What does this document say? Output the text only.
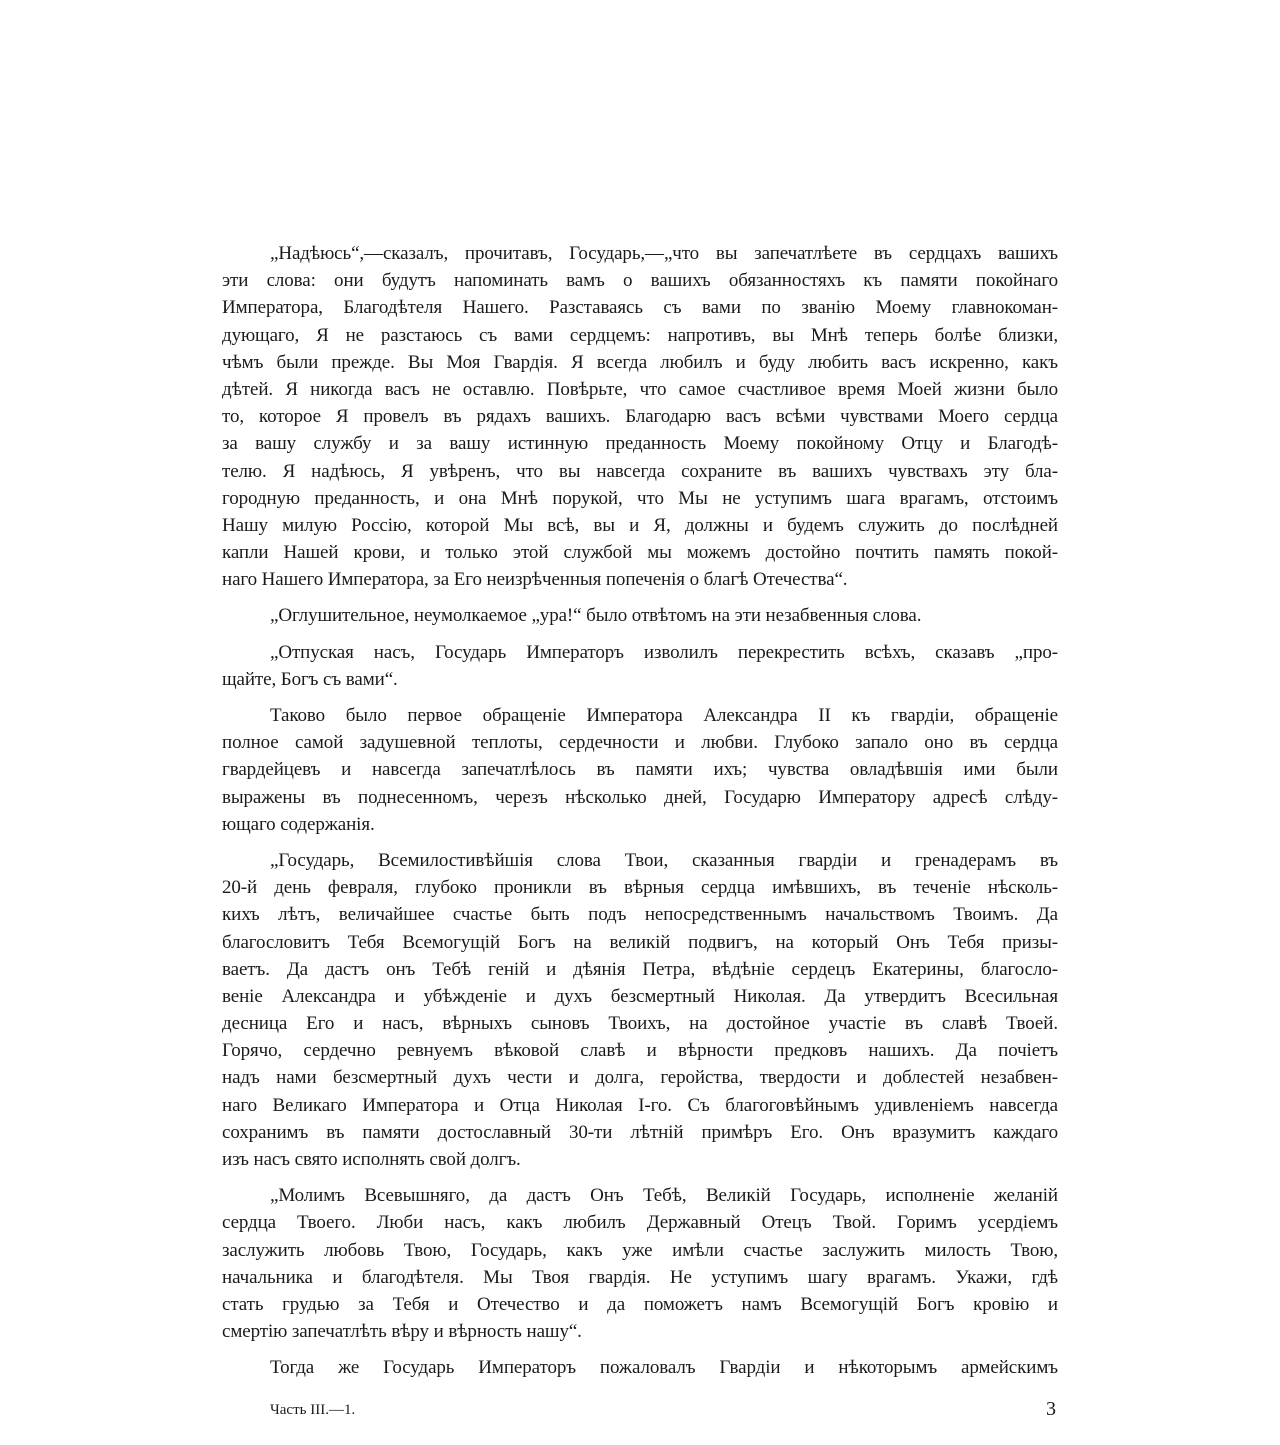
„Надѣюсь“,—сказалъ, прочитавъ, Государь,—„что вы запечатлѣете въ сердцахъ вашихъ
эти слова: они будутъ напоминать вамъ о вашихъ обязанностяхъ къ памяти покойнаго
Императора, Благодѣтеля Нашего. Разставаясь съ вами по званію Моему главнокоман-
дующаго, Я не разстаюсь съ вами сердцемъ: напротивъ, вы Мнѣ теперь болѣе близки,
чѣмъ были прежде. Вы Моя Гвардія. Я всегда любилъ и буду любить васъ искренно, какъ
дѣтей. Я никогда васъ не оставлю. Повѣрьте, что самое счастливое время Моей жизни было
то, которое Я провелъ въ рядахъ вашихъ. Благодарю васъ всѣми чувствами Моего сердца
за вашу службу и за вашу истинную преданность Моему покойному Отцу и Благодѣ-
телю. Я надѣюсь, Я увѣренъ, что вы навсегда сохраните въ вашихъ чувствахъ эту бла-
городную преданность, и она Мнѣ порукой, что Мы не уступимъ шага врагамъ, отстоимъ
Нашу милую Россію, которой Мы всѣ, вы и Я, должны и будемъ служить до послѣдней
капли Нашей крови, и только этой службой мы можемъ достойно почтить память покой-
наго Нашего Императора, за Его неизрѣченныя попеченія о благѣ Отечества“.
„Оглушительное, неумолкаемое „ура!“ было отвѣтомъ на эти незабвенныя слова.
„Отпуская насъ, Государь Императоръ изволилъ перекрестить всѣхъ, сказавъ „про-
щайте, Богъ съ вами“.
Таково было первое обращеніе Императора Александра II къ гвардіи, обращеніе
полное самой задушевной теплоты, сердечности и любви. Глубоко запало оно въ сердца
гвардейцевъ и навсегда запечатлѣлось въ памяти ихъ; чувства овладѣвшія ими были
выражены въ поднесенномъ, черезъ нѣсколько дней, Государю Императору адресѣ слѣду-
ющаго содержанія.
„Государь, Всемилостивѣйшія слова Твои, сказанныя гвардіи и гренадерамъ въ
20-й день февраля, глубоко проникли въ вѣрныя сердца имѣвшихъ, въ теченіе нѣсколь-
кихъ лѣтъ, величайшее счастье быть подъ непосредственнымъ начальствомъ Твоимъ. Да
благословитъ Тебя Всемогущій Богъ на великій подвигъ, на который Онъ Тебя призы-
ваетъ. Да дастъ онъ Тебѣ геній и дѣянія Петра, вѣдѣніе сердецъ Екатерины, благосло-
веніе Александра и убѣжденіе и духъ безсмертный Николая. Да утвердитъ Всесильная
десница Его и насъ, вѣрныхъ сыновъ Твоихъ, на достойное участіе въ славѣ Твоей.
Горячо, сердечно ревнуемъ вѣковой славѣ и вѣрности предковъ нашихъ. Да почіетъ
надъ нами безсмертный духъ чести и долга, геройства, твердости и доблестей незабвен-
наго Великаго Императора и Отца Николая I-го. Съ благоговѣйнымъ удивленіемъ навсегда
сохранимъ въ памяти достославный 30-ти лѣтній примѣръ Его. Онъ вразумитъ каждаго
изъ насъ свято исполнять свой долгъ.
„Молимъ Всевышняго, да дастъ Онъ Тебѣ, Великій Государь, исполненіе желаній
сердца Твоего. Люби насъ, какъ любилъ Державный Отецъ Твой. Горимъ усердіемъ
заслужить любовь Твою, Государь, какъ уже имѣли счастье заслужить милость Твою,
начальника и благодѣтеля. Мы Твоя гвардія. Не уступимъ шагу врагамъ. Укажи, гдѣ
стать грудью за Тебя и Отечество и да поможетъ намъ Всемогущій Богъ кровію и
смертію запечатлѣть вѣру и вѣрность нашу“.
Тогда же Государь Императоръ пожаловалъ Гвардіи и нѣкоторымъ армейскимъ
Часть III.—1.	3
